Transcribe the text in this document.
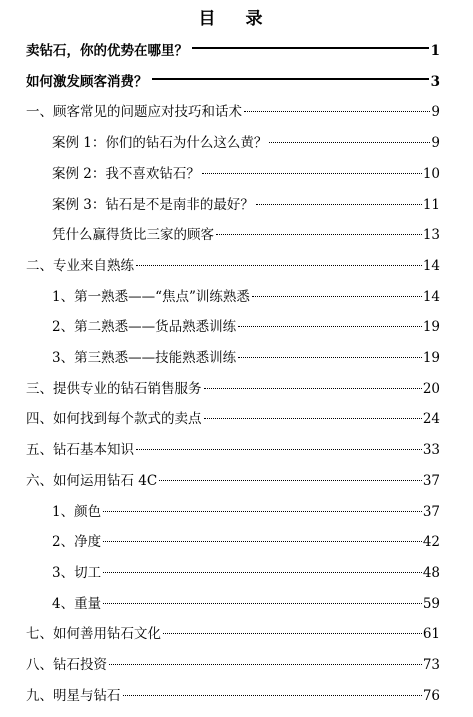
目 录
卖钻石，你的优势在哪里？	1
如何激发顾客消费？	3
一、顾客常见的问题应对技巧和话术	9
案例 1：你们的钻石为什么这么黄？	9
案例 2：我不喜欢钻石？	10
案例 3：钻石是不是南非的最好？	11
凭什么赢得货比三家的顾客	13
二、专业来自熟练	14
1、第一熟悉——“焦点”训练熟悉	14
2、第二熟悉——货品熟悉训练	19
3、第三熟悉——技能熟悉训练	19
三、提供专业的钻石销售服务	20
四、如何找到每个款式的卖点	24
五、钻石基本知识	33
六、如何运用钻石 4C	37
1、颜色	37
2、净度	42
3、切工	48
4、重量	59
七、如何善用钻石文化	61
八、钻石投资	73
九、明星与钻石	76
